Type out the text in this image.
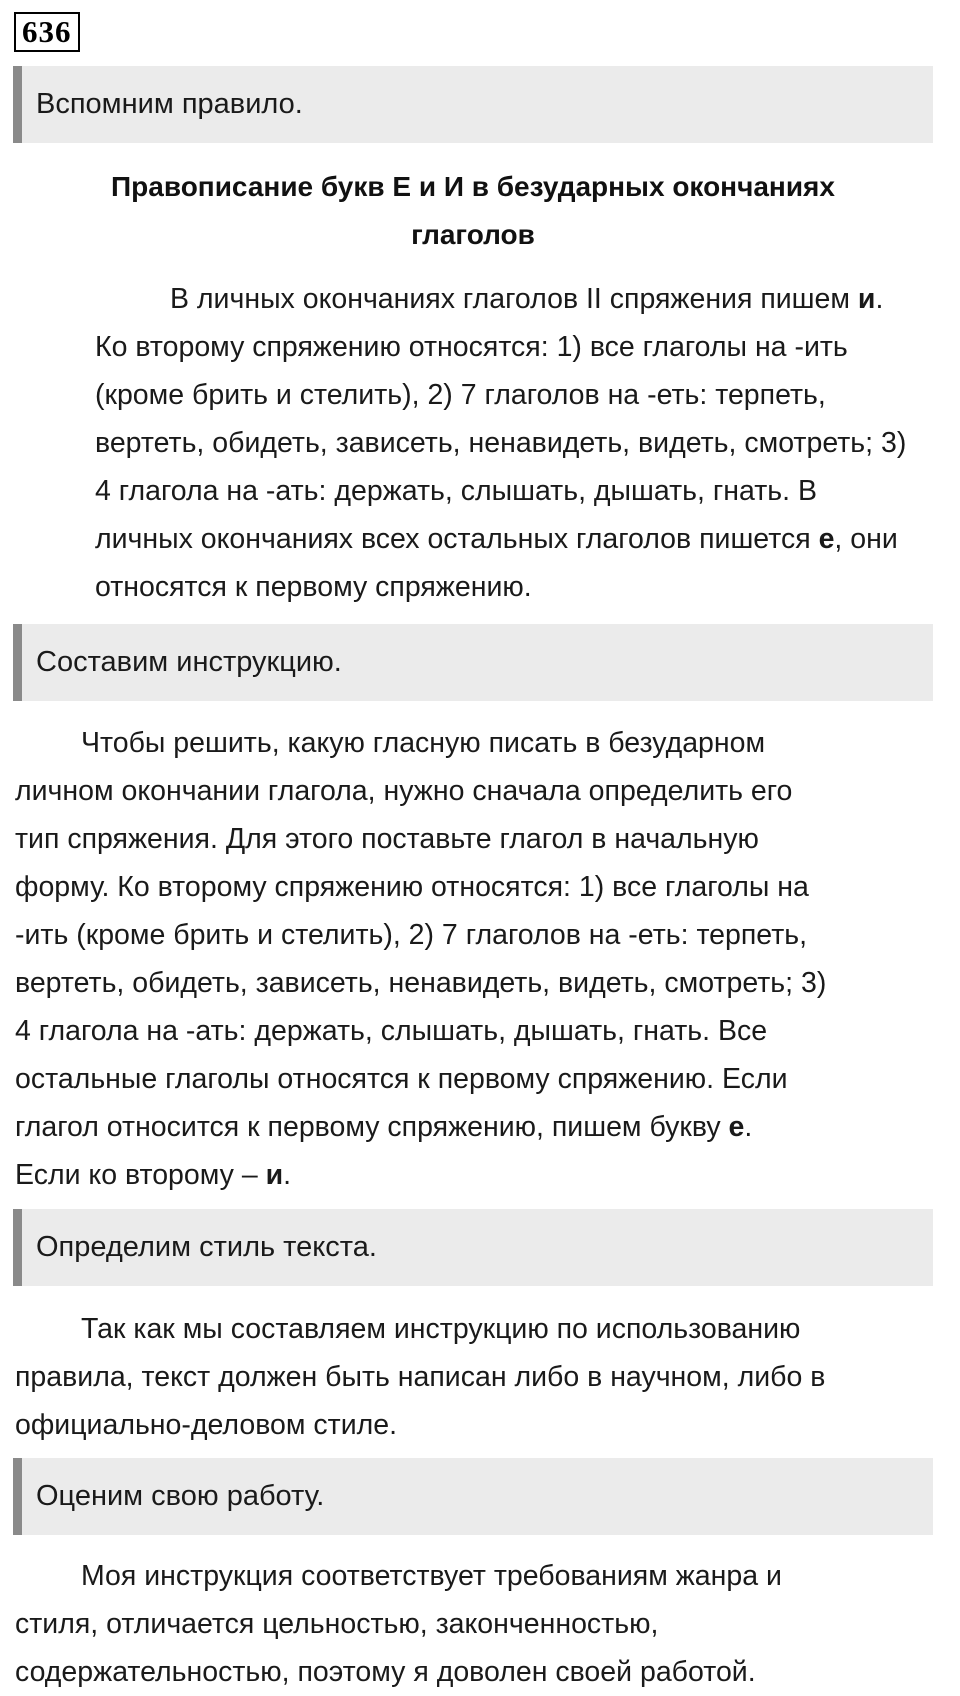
636
Вспомним правило.
Правописание букв Е и И в безударных окончаниях
глаголов
В личных окончаниях глаголов II спряжения пишем и.
Ко второму спряжению относятся: 1) все глаголы на -ить
(кроме брить и стелить), 2) 7 глаголов на -еть: терпеть,
вертеть, обидеть, зависеть, ненавидеть, видеть, смотреть; 3)
4 глагола на -ать: держать, слышать, дышать, гнать. В
личных окончаниях всех остальных глаголов пишется е, они
относятся к первому спряжению.
Составим инструкцию.
Чтобы решить, какую гласную писать в безударном
личном окончании глагола, нужно сначала определить его
тип спряжения. Для этого поставьте глагол в начальную
форму. Ко второму спряжению относятся: 1) все глаголы на
-ить (кроме брить и стелить), 2) 7 глаголов на -еть: терпеть,
вертеть, обидеть, зависеть, ненавидеть, видеть, смотреть; 3)
4 глагола на -ать: держать, слышать, дышать, гнать. Все
остальные глаголы относятся к первому спряжению. Если
глагол относится к первому спряжению, пишем букву е.
Если ко второму – и.
Определим стиль текста.
Так как мы составляем инструкцию по использованию
правила, текст должен быть написан либо в научном, либо в
официально-деловом стиле.
Оценим свою работу.
Моя инструкция соответствует требованиям жанра и
стиля, отличается цельностью, законченностью,
содержательностью, поэтому я доволен своей работой.
